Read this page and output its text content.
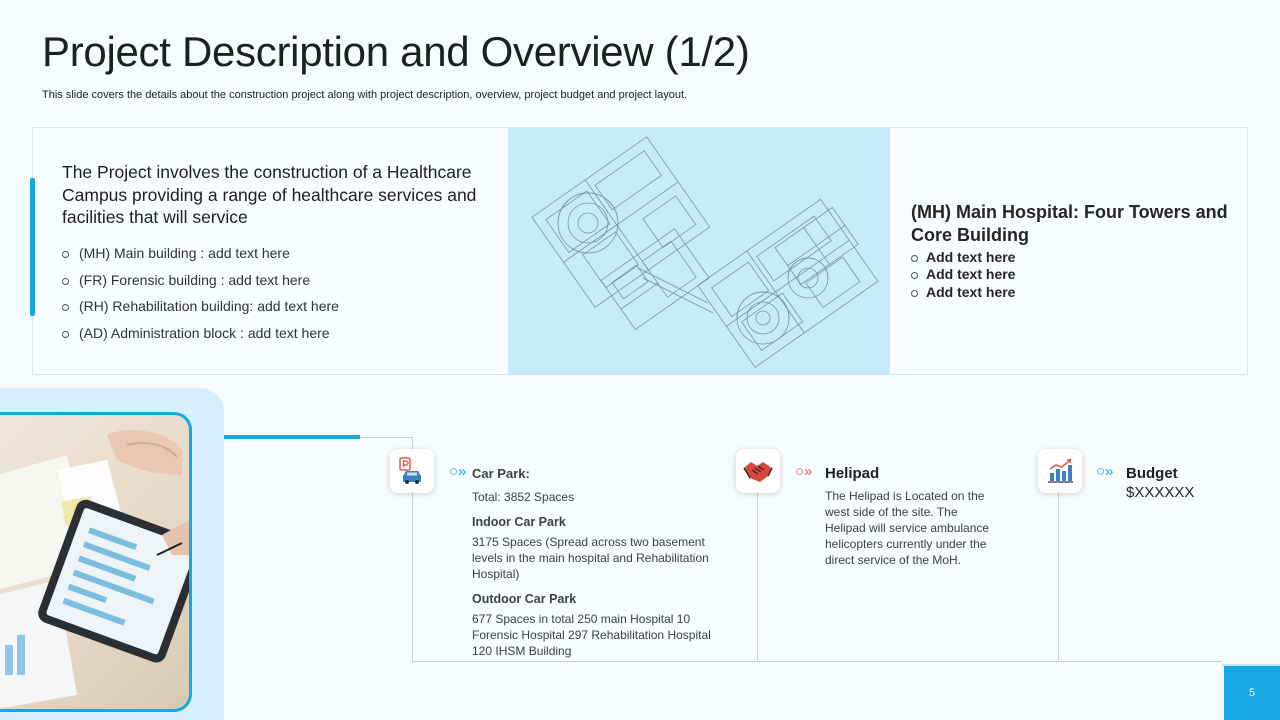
Project Description and Overview (1/2)
This slide covers the details about the construction project along with project description, overview, project budget and project layout.
The Project involves the construction of a Healthcare Campus providing a range of healthcare services and facilities that will service
(MH) Main building : add text here
(FR) Forensic building : add text here
(RH) Rehabilitation building: add text here
(AD) Administration block : add text here
(MH) Main Hospital: Four Towers and Core Building
Add text here
Add text here
Add text here
○» Car Park:
Total: 3852 Spaces
Indoor Car Park
3175 Spaces (Spread across two basement levels in the main hospital and Rehabilitation Hospital)
Outdoor Car Park
677 Spaces in total 250 main Hospital 10 Forensic Hospital 297 Rehabilitation Hospital 120 IHSM Building
○» Helipad
The Helipad is Located on the west side of the site. The Helipad will service ambulance helicopters currently under the direct service of the MoH.
○» Budget
$XXXXXX
5
